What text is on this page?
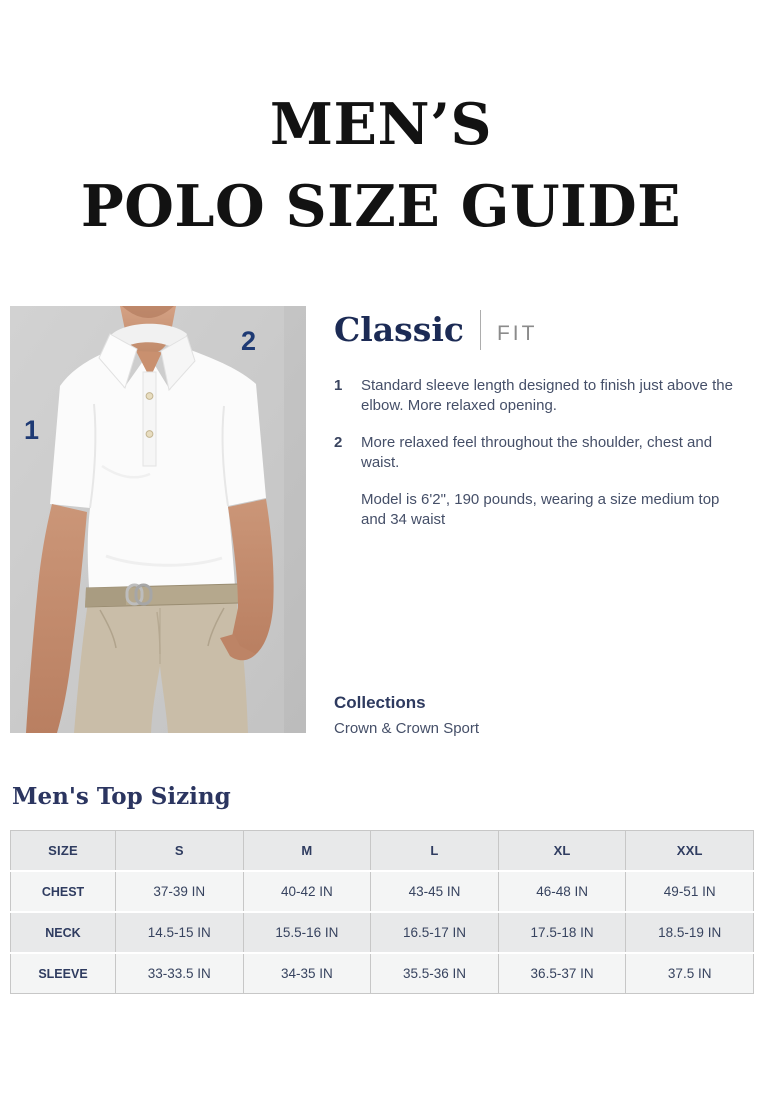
MEN’S
POLO SIZE GUIDE
1
2 Classic FIT
1	Standard sleeve length designed to finish just above the elbow. More relaxed opening.
2	More relaxed feel throughout the shoulder, chest and waist.
Model is 6'2", 190 pounds, wearing a size medium top and 34 waist

Collections

Crown & Crown Sport
Men's Top Sizing
SIZE	S	M	L	XL	XXL
CHEST	37-39 IN	40-42 IN	43-45 IN	46-48 IN	49-51 IN
NECK	14.5-15 IN	15.5-16 IN	16.5-17 IN	17.5-18 IN	18.5-19 IN
SLEEVE	33-33.5 IN	34-35 IN	35.5-36 IN	36.5-37 IN	37.5 IN
